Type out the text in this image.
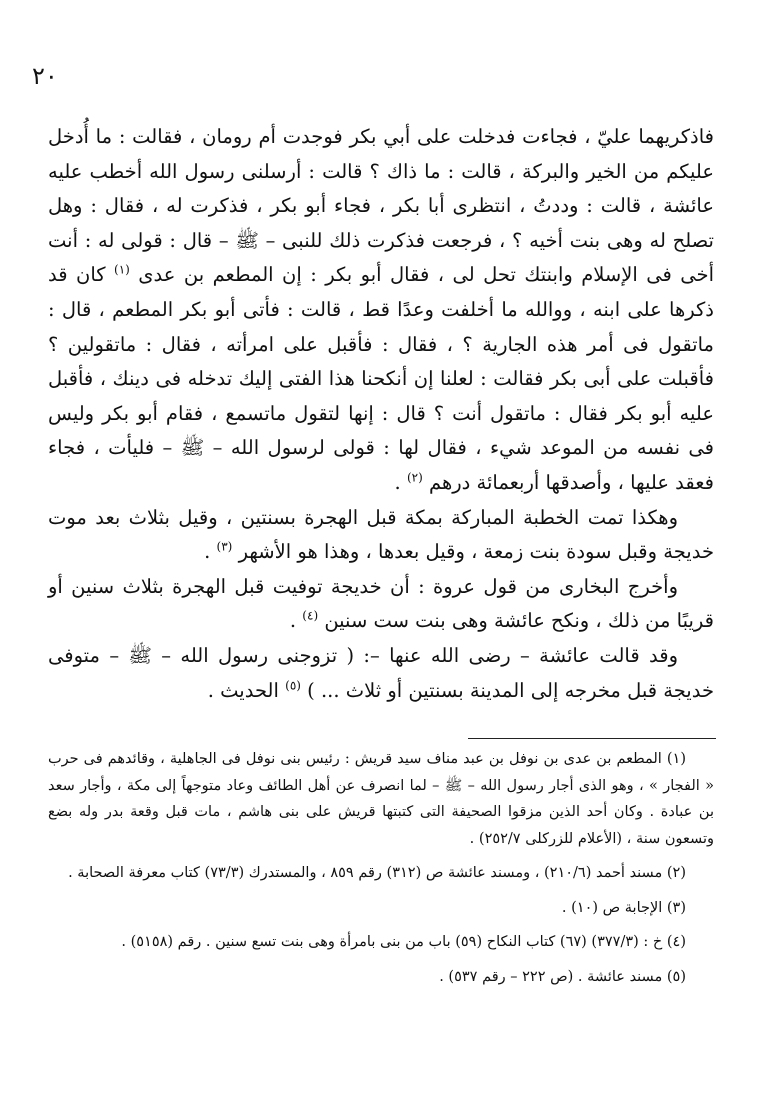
٢٠

فاذكريهما عليّ ، فجاءت فدخلت على أبي بكر فوجدت أم رومان ، فقالت : ما أُدخل عليكم من الخير والبركة ، قالت : ما ذاك ؟ قالت : أرسلنى رسول الله أخطب عليه عائشة ، قالت : وددتُ ، انتظرى أبا بكر ، فجاء أبو بكر ، فذكرت له ، فقال : وهل تصلح له وهى بنت أخيه ؟ ، فرجعت فذكرت ذلك للنبى – ﷺ – قال : قولى له : أنت أخى فى الإسلام وابنتك تحل لى ، فقال أبو بكر : إن المطعم بن عدى $^{(١)}$ كان قد ذكرها على ابنه ، ووالله ما أخلفت وعدًا قط ، قالت : فأتى أبو بكر المطعم ، قال : ماتقول فى أمر هذه الجارية ؟ ، فقال : فأقبل على امرأته ، فقال : ماتقولين ؟ فأقبلت على أبى بكر فقالت : لعلنا إن أنكحنا هذا الفتى إليك تدخله فى دينك ، فأقبل عليه أبو بكر فقال : ماتقول أنت ؟ قال : إنها لتقول ماتسمع ، فقام أبو بكر وليس فى نفسه من الموعد شيء ، فقال لها : قولى لرسول الله – ﷺ – فليأت ، فجاء فعقد عليها ، وأصدقها أربعمائة درهم $^{(٢)}$ .

وهكذا تمت الخطبة المباركة بمكة قبل الهجرة بسنتين ، وقيل بثلاث بعد موت خديجة وقبل سودة بنت زمعة ، وقيل بعدها ، وهذا هو الأشهر $^{(٣)}$ .

وأخرج البخارى من قول عروة : أن خديجة توفيت قبل الهجرة بثلاث سنين أو قريبًا من ذلك ، ونكح عائشة وهى بنت ست سنين $^{(٤)}$ .

وقد قالت عائشة – رضى الله عنها –: ( تزوجنى رسول الله – ﷺ – متوفى خديجة قبل مخرجه إلى المدينة بسنتين أو ثلاث ... ) $^{(٥)}$ الحديث .

(١) المطعم بن عدى بن نوفل بن عبد مناف سيد قريش : رئيس بنى نوفل فى الجاهلية ، وقائدهم فى حرب « الفجار » ، وهو الذى أجار رسول الله – ﷺ – لما انصرف عن أهل الطائف وعاد متوجهاً إلى مكة ، وأجار سعد بن عبادة . وكان أحد الذين مزقوا الصحيفة التى كتبتها قريش على بنى هاشم ، مات قبل وقعة بدر وله بضع وتسعون سنة ، (الأعلام للزركلى ٢٥٢/٧) .

(٢) مسند أحمد (٢١٠/٦) ، ومسند عائشة ص (٣١٢) رقم ٨٥٩ ، والمستدرك (٧٣/٣) كتاب معرفة الصحابة .

(٣) الإجابة ص (١٠) .

(٤) خ : (٣٧٧/٣) (٦٧) كتاب النكاح (٥٩) باب من بنى بامرأة وهى بنت تسع سنين . رقم (٥١٥٨) .

(٥) مسند عائشة . (ص ٢٢٢ – رقم ٥٣٧) .
